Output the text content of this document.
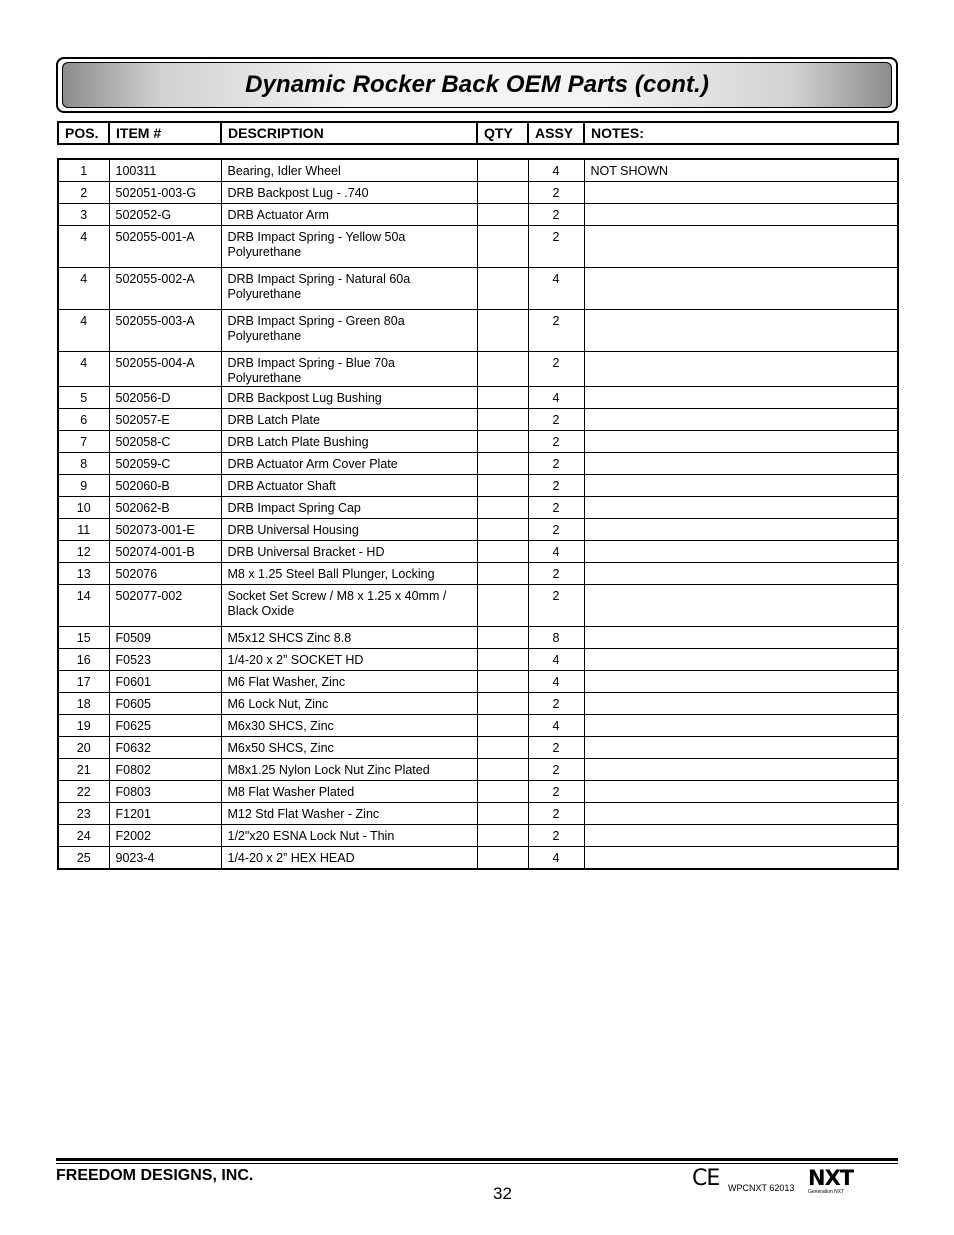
Dynamic Rocker Back OEM Parts (cont.)
POS.	ITEM #	DESCRIPTION	QTY	ASSY	NOTES:
1	100311	Bearing, Idler Wheel		4	NOT SHOWN
2	502051-003-G	DRB Backpost Lug - .740		2	
3	502052-G	DRB Actuator Arm		2	
4	502055-001-A	DRB Impact Spring - Yellow 50a Polyurethane		2	
4	502055-002-A	DRB Impact Spring - Natural 60a Polyurethane		4	
4	502055-003-A	DRB Impact Spring - Green 80a Polyurethane		2	
4	502055-004-A	DRB Impact Spring - Blue 70a Polyurethane		2	
5	502056-D	DRB Backpost Lug Bushing		4	
6	502057-E	DRB Latch Plate		2	
7	502058-C	DRB Latch Plate Bushing		2	
8	502059-C	DRB Actuator Arm Cover Plate		2	
9	502060-B	DRB Actuator Shaft		2	
10	502062-B	DRB Impact Spring Cap		2	
11	502073-001-E	DRB Universal Housing		2	
12	502074-001-B	DRB Universal Bracket - HD		4	
13	502076	M8 x 1.25 Steel Ball Plunger, Locking		2	
14	502077-002	Socket Set Screw / M8 x 1.25 x 40mm / Black Oxide		2	
15	F0509	M5x12 SHCS Zinc 8.8		8	
16	F0523	1/4-20 x 2” SOCKET HD		4	
17	F0601	M6 Flat Washer, Zinc		4	
18	F0605	M6 Lock Nut, Zinc		2	
19	F0625	M6x30 SHCS, Zinc		4	
20	F0632	M6x50 SHCS, Zinc		2	
21	F0802	M8x1.25 Nylon Lock Nut Zinc Plated		2	
22	F0803	M8 Flat Washer Plated		2	
23	F1201	M12 Std Flat Washer - Zinc		2	
24	F2002	1/2"x20 ESNA Lock Nut - Thin		2	
25	9023-4	1/4-20 x 2” HEX HEAD		4	
FREEDOM DESIGNS, INC.
32
CE WPCNXT 62013 NXT
Generation NXT
